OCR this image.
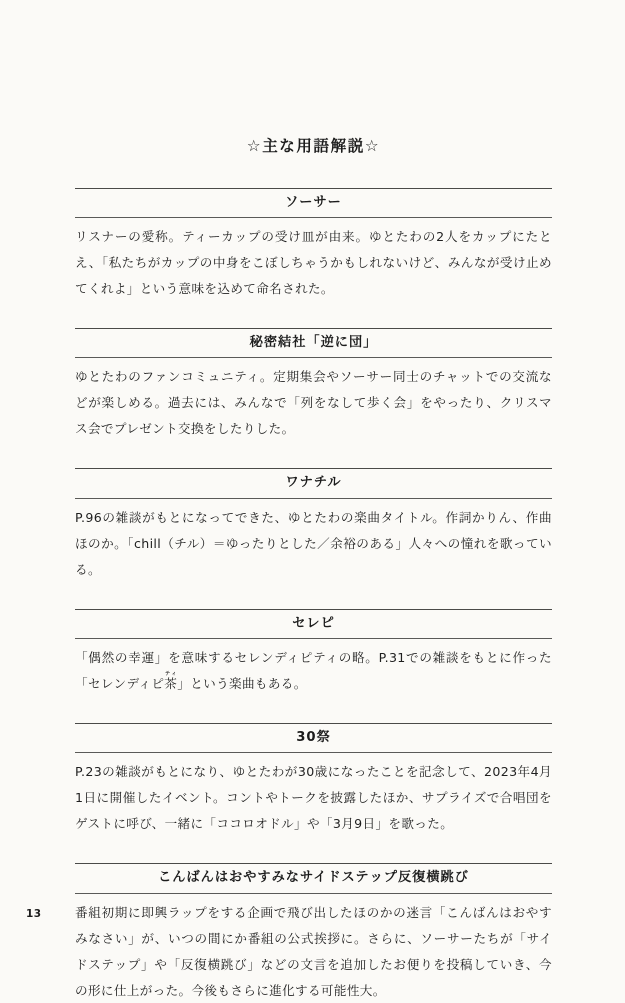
☆主な用語解説☆
ソーサー

リスナーの愛称。ティーカップの受け皿が由来。ゆとたわの2人をカップにたとえ、「私たちがカップの中身をこぼしちゃうかもしれないけど、みんなが受け止めてくれよ」という意味を込めて命名された。

秘密結社「逆に団」

ゆとたわのファンコミュニティ。定期集会やソーサー同士のチャットでの交流などが楽しめる。過去には、みんなで「列をなして歩く会」をやったり、クリスマス会でプレゼント交換をしたりした。

ワナチル

P.96の雑談がもとになってできた、ゆとたわの楽曲タイトル。作詞かりん、作曲ほのか。「chill（チル）＝ゆったりとした／余裕のある」人々への憧れを歌っている。

セレピ

「偶然の幸運」を意味するセレンディピティの略。P.31での雑談をもとに作った「セレンディピ茶ティ」という楽曲もある。

30祭

P.23の雑談がもとになり、ゆとたわが30歳になったことを記念して、2023年4月1日に開催したイベント。コントやトークを披露したほか、サプライズで合唱団をゲストに呼び、一緒に「ココロオドル」や「3月9日」を歌った。

こんばんはおやすみなサイドステップ反復横跳び

番組初期に即興ラップをする企画で飛び出したほのかの迷言「こんばんはおやすみなさい」が、いつの間にか番組の公式挨拶に。さらに、ソーサーたちが「サイドステップ」や「反復横跳び」などの文言を追加したお便りを投稿していき、今の形に仕上がった。今後もさらに進化する可能性大。

13
